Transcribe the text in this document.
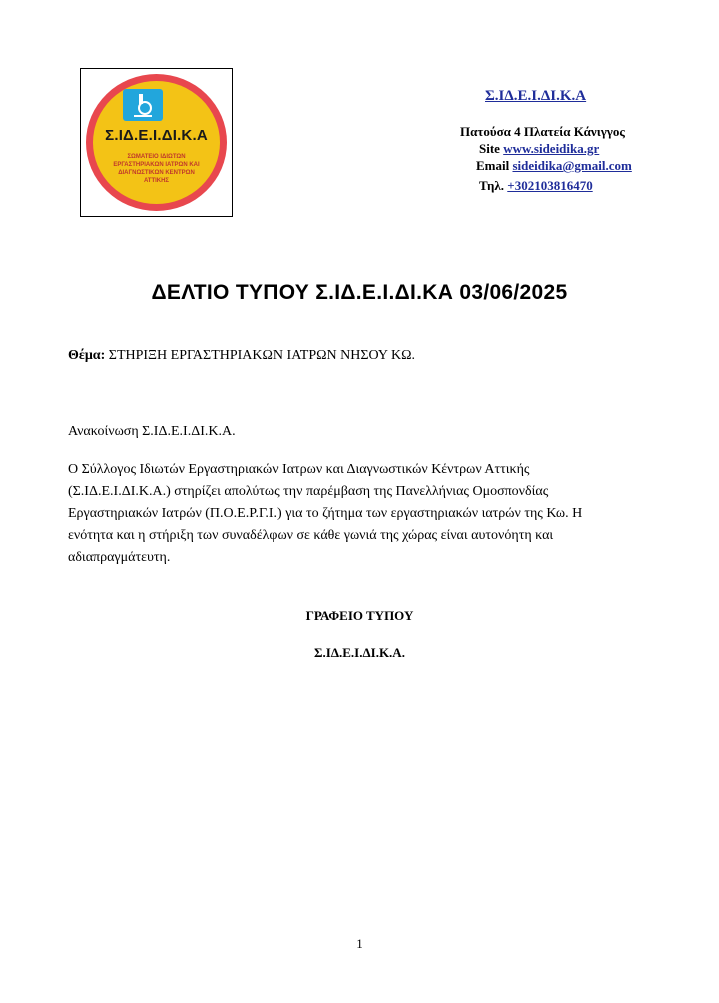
Σ.ΙΔ.Ε.Ι.ΔΙ.Κ.Α
ΣΩΜΑΤΕΙΟ ΙΔΙΩΤΩΝ
ΕΡΓΑΣΤΗΡΙΑΚΩΝ ΙΑΤΡΩΝ ΚΑΙ
ΔΙΑΓΝΩΣΤΙΚΩΝ ΚΕΝΤΡΩΝ
ΑΤΤΙΚΗΣ
Σ.ΙΔ.Ε.Ι.ΔΙ.Κ.Α
Πατούσα 4 Πλατεία Κάνιγγος
Site www.sideidika.gr
Email sideidika@gmail.com
Τηλ. +302103816470
ΔΕΛΤΙΟ ΤΥΠΟΥ Σ.ΙΔ.Ε.Ι.ΔΙ.ΚΑ 03/06/2025
Θέμα: ΣΤΗΡΙΞΗ ΕΡΓΑΣΤΗΡΙΑΚΩΝ ΙΑΤΡΩΝ ΝΗΣΟΥ ΚΩ.
Ανακοίνωση Σ.ΙΔ.Ε.Ι.ΔΙ.Κ.Α.
Ο Σύλλογος Ιδιωτών Εργαστηριακών Ιατρων και Διαγνωστικών Κέντρων Αττικής
(Σ.ΙΔ.Ε.Ι.ΔΙ.Κ.Α.) στηρίζει απολύτως την παρέμβαση της Πανελλήνιας Ομοσπονδίας
Εργαστηριακών Ιατρών (Π.Ο.Ε.Ρ.Γ.Ι.) για το ζήτημα των εργαστηριακών ιατρών της Κω. Η
ενότητα και η στήριξη των συναδέλφων σε κάθε γωνιά της χώρας είναι αυτονόητη και
αδιαπραγμάτευτη.
ΓΡΑΦΕΙΟ ΤΥΠΟΥ
Σ.ΙΔ.Ε.Ι.ΔΙ.Κ.Α.
1
